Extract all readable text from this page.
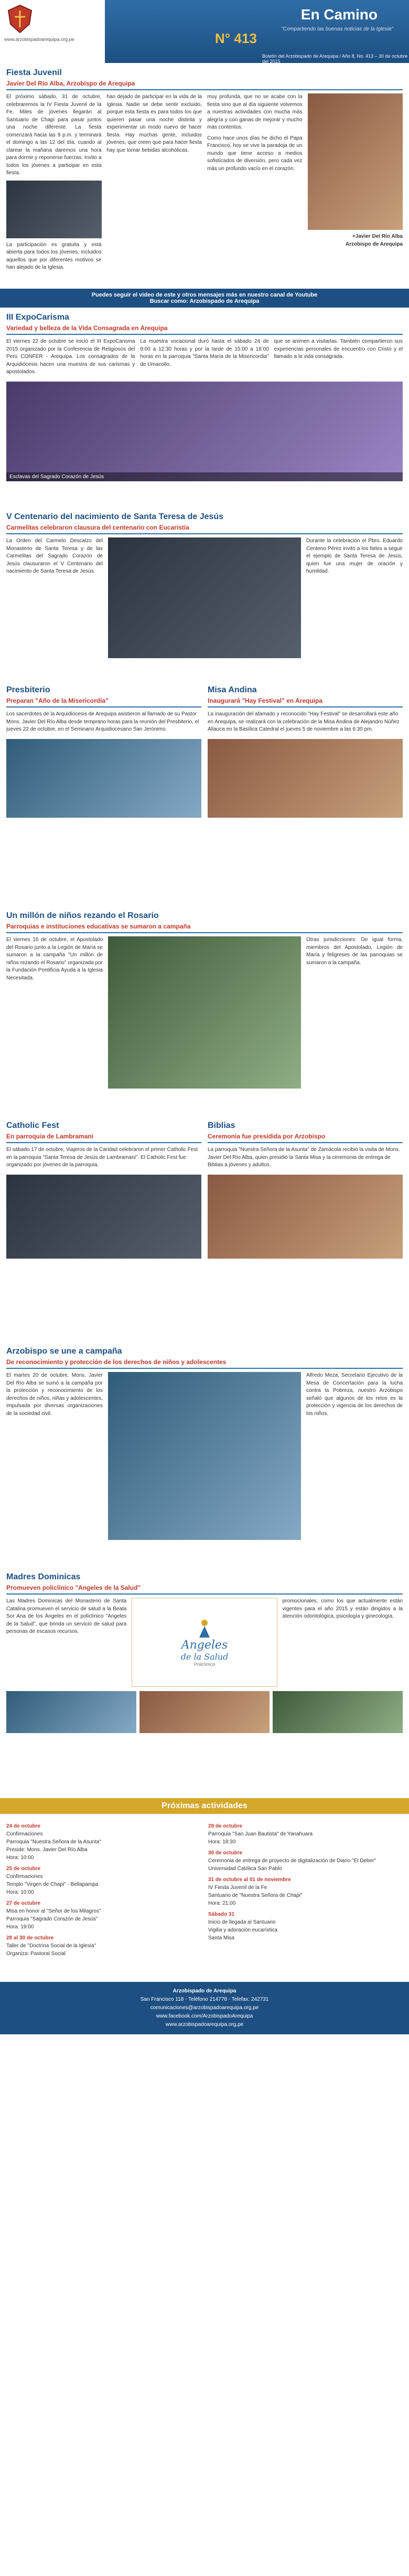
www.arzobispadoarequipa.org.pe	N° 413
En Camino
"Compartiendo las buenas noticias de la Iglesia"
Boletín del Arzobispado de Arequipa / Año 8, No. 413 – 30 de octubre del 2015
Fiesta Juvenil
Javier Del Río Alba, Arzobispo de Arequipa

El próximo sábado, 31 de octubre, celebraremos la IV Fiesta Juvenil de la Fe. Miles de jóvenes llegarán al Santuario de Chapi para pasar juntos una noche diferente. La fiesta comenzará hacia las 9 p.m. y terminará el domingo a las 12 del día, cuando al clarear la mañana daremos una hora para dormir y reponerse fuerzas. Invito a todos los jóvenes a participar en esta fiesta.

La participación es gratuita y está abierta para todos los jóvenes, incluidos aquellos que por diferentes motivos se han alejado de la Iglesia.

han dejado de participar en la vida de la Iglesia. Nadie se debe sentir excluido, porque esta fiesta es para todos los que quieren pasar una noche distinta y experimentar un modo nuevo de hacer fiesta. Hay muchas gente, incluidos jóvenes, que creen que para hacer fiesta hay que tomar bebidas alcohólicas.

muy profunda, que no se acabe con la fiesta sino que al día siguiente volvemos a nuestras actividades con mucha más alegría y con ganas de mejorar y mucho más contentos.

Como hace unos días he dicho el Papa Francisco, hoy se vive la paradoja de un mundo que tiene acceso a medios sofisticados de diversión, pero cada vez más un profundo vacío en el corazón.

+Javier Del Río Alba
Arzobispo de Arequipa

Puedes seguir el video de este y otros mensajes más en nuestro canal de Youtube
Buscar como: Arzobispado de Arequipa
III ExpoCarisma
Variedad y belleza de la Vida Consagrada en Arequipa

El viernes 22 de octubre se inició el III ExpoCarisma 2015 organizado por la Conferencia de Religiosos del Perú CONFER - Arequipa. Los consagrados de la Arquidiócesis hacen una muestra de sus carismas y apostolados.

La muestra vocacional duró hasta el sábado 24 de 9:00 a 12:30 horas y por la tarde de 15:00 a 18:00 horas en la parroquia "Santa María de la Misericordia" de Umacollo.

que se animen a visitarlas. También compartieron sus experiencias personales de encuentro con Cristo y el llamado a la vida consagrada.

Esclavas del Sagrado Corazón de Jesús
V Centenario del nacimiento de Santa Teresa de Jesús
Carmelitas celebraron clausura del centenario con Eucaristía

La Orden del Carmelo Descalzo del Monasterio de Santa Teresa y de las Carmelitas del Sagrado Corazón de Jesús clausuraron el V Centenario del nacimiento de Santa Teresa de Jesús.

Durante la celebración el Pbro. Eduardo Centeno Pérez invitó a los fieles a seguir el ejemplo de Santa Teresa de Jesús, quien fue una mujer de oración y humildad.

Presbiterio
Preparan "Año de la Misericordia"

Los sacerdotes de la Arquidiócesis de Arequipa asistieron al llamado de su Pastor Mons. Javier Del Río Alba desde temprano horas para la reunión del Presbiterio, el jueves 22 de octubre, en el Seminario Arquidiocesano San Jerónimo.

Misa Andina
Inaugurará "Hay Festival" en Arequipa

La inauguración del afamado y reconocido "Hay Festival" se desarrollará este año en Arequipa, se realizará con la celebración de la Misa Andina de Alejandro Núñez Allauca en la Basílica Catedral el jueves 5 de noviembre a las 6:30 pm.

Un millón de niños rezando el Rosario
Parroquias e instituciones educativas se sumaron a campaña

El viernes 16 de octubre, el Apostolado del Rosario junto a la Legión de María se sumaron a la campaña "Un millón de niños rezando el Rosario" organizada por la Fundación Pontificia Ayuda a la Iglesia Necesitada.

Otras jurisdicciones: De igual forma, miembros del Apostolado, Legión de María y feligreses de las parroquias se sumaron a la campaña.

Catholic Fest
En parroquia de Lambramani

El sábado 17 de octubre, Viajeros de la Caridad celebraron el primer Catholic Fest en la parroquia "Santa Teresa de Jesús de Lambramani". El Catholic Fest fue organizado por jóvenes de la parroquia.

Biblias
Ceremonia fue presidida por Arzobispo

La parroquia "Nuestra Señora de la Asunta" de Zamácola recibió la visita de Mons. Javier Del Río Alba, quien presidió la Santa Misa y la ceremonia de entrega de Biblias a jóvenes y adultos.

Arzobispo se une a campaña
De reconocimiento y protección de los derechos de niños y adolescentes

El martes 20 de octubre, Mons. Javier Del Río Alba se sumó a la campaña por la protección y reconocimiento de los derechos de niños, niñas y adolescentes, impulsada por diversas organizaciones de la sociedad civil.

Alfredo Meza, Secretario Ejecutivo de la Mesa de Concertación para la lucha contra la Pobreza, nuestro Arzobispo señaló que algunos de los retos es la protección y vigencia de los derechos de los niños.

Madres Dominicas
Promueven policlínico "Angeles de la Salud"

Las Madres Dominicas del Monasterio de Santa Catalina promueven el servicio de salud a la Beata Sor Ana de los Ángeles en el policlínico "Angeles de la Salud", que brinda un servicio de salud para personas de escasos recursos.

Angeles
de la Salud
Policlínico

promocionales, como los que actualmente están vigentes para el año 2015 y están dirigidos a la atención odontológica, psicología y ginecología.

Próximas actividades
24 de octubre
Confirmaciones
Parroquia "Nuestra Señora de la Asunta"
Preside: Mons. Javier Del Río Alba
Hora: 10:00
25 de octubre
Confirmaciones
Templo "Virgen de Chapi" - Bellapampa
Hora: 10:00
27 de octubre
Misa en honor al "Señor de los Milagros"
Parroquia "Sagrado Corazón de Jesús"
Hora: 19:00
28 al 30 de octubre
Taller de "Doctrina Social de la Iglesia"
Organiza: Pastoral Social
29 de octubre
Parroquia "San Juan Bautista" de Yanahuara
Hora: 18:30
30 de octubre
Ceremonia de entrega de proyecto de digitalización de Diario "El Deber"
Universidad Católica San Pablo
31 de octubre al 01 de noviembre
IV Fiesta Juvenil de la Fe
Santuario de "Nuestra Señora de Chapi"
Hora: 21:00
Sábado 31
Inicio de llegada al Santuario
Vigilia y adoración eucarística
Santa Misa
Arzobispado de Arequipa
San Francisco 118 - Teléfono 214778 - Telefax: 242731
comunicaciones@arzobispadoarequipa.org.pe
www.facebook.com/ArzobispadoArequipa
www.arzobispadoarequipa.org.pe
